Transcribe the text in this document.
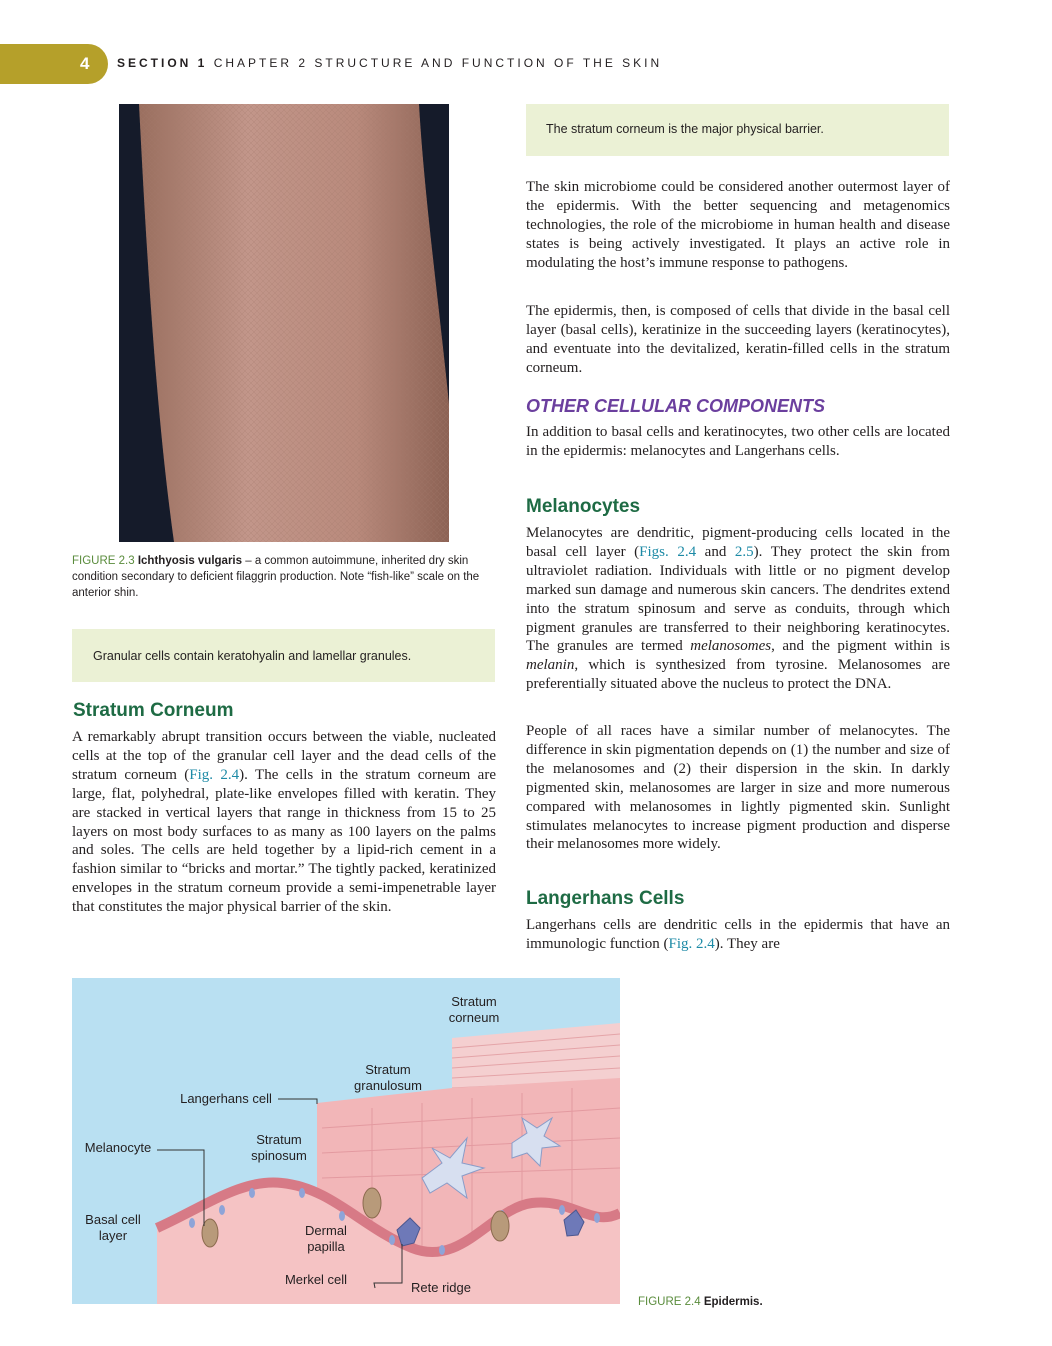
4	SECTION 1 CHAPTER 2 STRUCTURE AND FUNCTION OF THE SKIN
FIGURE 2.3 Ichthyosis vulgaris – a common autoimmune, inherited dry skin condition secondary to deficient filaggrin production. Note “fish-like” scale on the anterior shin.
Granular cells contain keratohyalin and lamellar granules.
The stratum corneum is the major physical barrier.
Stratum Corneum
A remarkably abrupt transition occurs between the viable, nucleated cells at the top of the granular cell layer and the dead cells of the stratum corneum (Fig. 2.4). The cells in the stratum corneum are large, flat, polyhedral, plate-like envelopes filled with keratin. They are stacked in vertical layers that range in thickness from 15 to 25 layers on most body surfaces to as many as 100 layers on the palms and soles. The cells are held together by a lipid-rich cement in a fashion similar to “bricks and mortar.” The tightly packed, keratinized envelopes in the stratum corneum provide a semi-impenetrable layer that constitutes the major physical barrier of the skin.
The skin microbiome could be considered another outermost layer of the epidermis. With the better sequencing and metagenomics technologies, the role of the microbiome in human health and disease states is being actively investigated. It plays an active role in modulating the host’s immune response to pathogens.
The epidermis, then, is composed of cells that divide in the basal cell layer (basal cells), keratinize in the succeeding layers (keratinocytes), and eventuate into the devitalized, keratin-filled cells in the stratum corneum.
OTHER CELLULAR COMPONENTS
In addition to basal cells and keratinocytes, two other cells are located in the epidermis: melanocytes and Langerhans cells.
Melanocytes
Melanocytes are dendritic, pigment-producing cells located in the basal cell layer (Figs. 2.4 and 2.5). They protect the skin from ultraviolet radiation. Individuals with little or no pigment develop marked sun damage and numerous skin cancers. The dendrites extend into the stratum spinosum and serve as conduits, through which pigment granules are transferred to their neighboring keratinocytes. The granules are termed melanosomes, and the pigment within is melanin, which is synthesized from tyrosine. Melanosomes are preferentially situated above the nucleus to protect the DNA.
People of all races have a similar number of melanocytes. The difference in skin pigmentation depends on (1) the number and size of the melanosomes and (2) their dispersion in the skin. In darkly pigmented skin, melanosomes are larger in size and more numerous compared with melanosomes in lightly pigmented skin. Sunlight stimulates melanocytes to increase pigment production and disperse their melanosomes more widely.
Langerhans Cells
Langerhans cells are dendritic cells in the epidermis that have an immunologic function (Fig. 2.4). They are
Stratum
corneum
Stratum
granulosum
Langerhans cell
Melanocyte
Stratum
spinosum
Basal cell
layer	Dermal
papilla
Merkel cell
Rete ridge
FIGURE 2.4 Epidermis.
